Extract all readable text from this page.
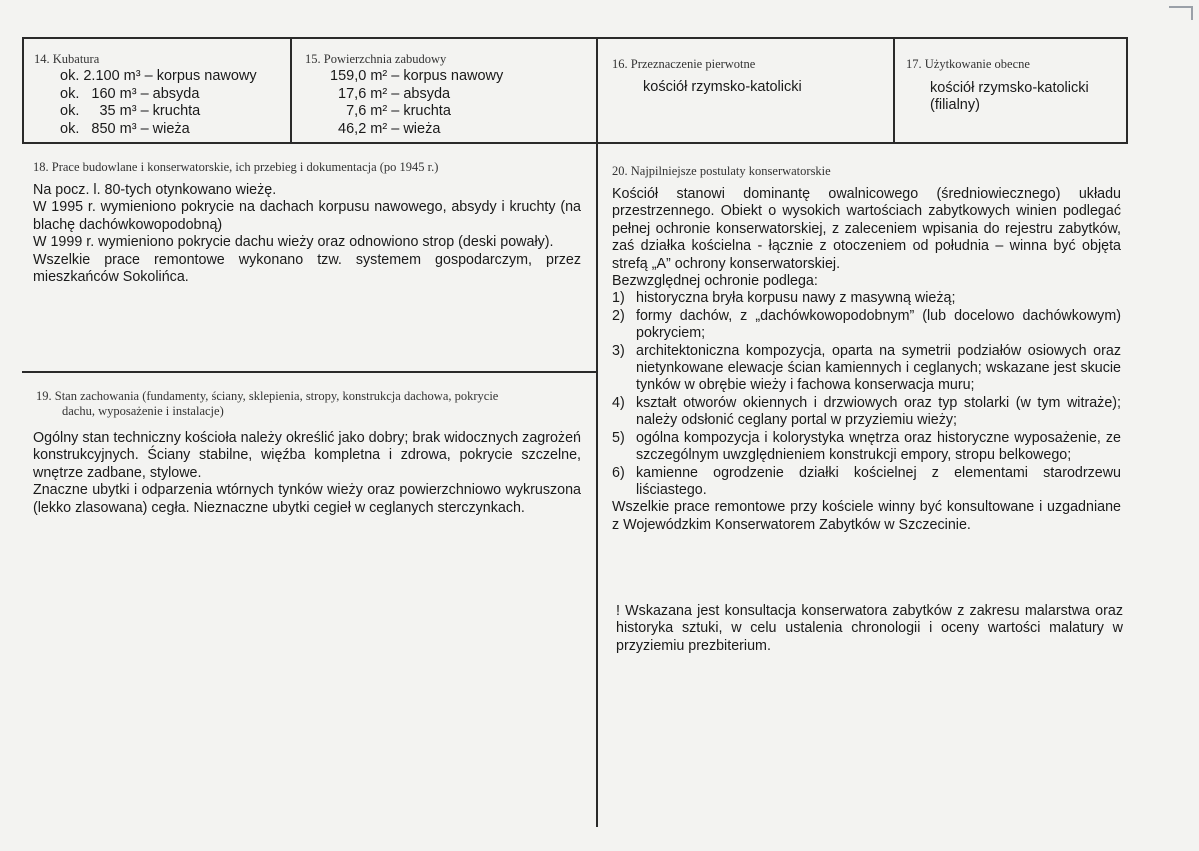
14. Kubatura
ok. 2.100 m³ – korpus nawowy
ok.   160 m³ – absyda
ok.     35 m³ – kruchta
ok.   850 m³ – wieża
15. Powierzchnia zabudowy
159,0 m² – korpus nawowy
17,6 m² – absyda
7,6 m² – kruchta
46,2 m² – wieża
16. Przeznaczenie pierwotne
kościół rzymsko-katolicki
17. Użytkowanie obecne
kościół rzymsko-katolicki
(filialny)
18. Prace budowlane i konserwatorskie, ich przebieg i dokumentacja (po 1945 r.)

Na pocz. l. 80-tych otynkowano wieżę.

W 1995 r. wymieniono pokrycie na dachach korpusu nawowego, absydy i kruchty (na blachę dachówkowopodobną)

W 1999 r. wymieniono pokrycie dachu wieży oraz odnowiono strop (deski powały).

Wszelkie prace remontowe wykonano tzw. systemem gospodarczym, przez mieszkańców Sokolińca.

19. Stan zachowania (fundamenty, ściany, sklepienia, stropy, konstrukcja dachowa, pokrycie
dachu, wyposażenie i instalacje)

Ogólny stan techniczny kościoła należy określić jako dobry; brak widocznych zagrożeń konstrukcyjnych. Ściany stabilne, więźba kompletna i zdrowa, pokrycie szczelne, wnętrze zadbane, stylowe.

Znaczne ubytki i odparzenia wtórnych tynków wieży oraz powierzchniowo wykruszona (lekko zlasowana) cegła. Nieznaczne ubytki cegieł w ceglanych sterczynkach.

20. Najpilniejsze postulaty konserwatorskie

Kościół stanowi dominantę owalnicowego (średniowiecznego) układu przestrzennego. Obiekt o wysokich wartościach zabytkowych winien podlegać pełnej ochronie konserwatorskiej, z zaleceniem wpisania do rejestru zabytków, zaś działka kościelna - łącznie z otoczeniem od południa – winna być objęta strefą „A” ochrony konserwatorskiej.

Bezwzględnej ochronie podlega:

1) historyczna bryła korpusu nawy z masywną wieżą;
2) formy dachów, z „dachówkowopodobnym” (lub docelowo dachówkowym) pokryciem;
3) architektoniczna kompozycja, oparta na symetrii podziałów osiowych oraz nietynkowane elewacje ścian kamiennych i ceglanych; wskazane jest skucie tynków w obrębie wieży i fachowa konserwacja muru;
4) kształt otworów okiennych i drzwiowych oraz typ stolarki (w tym witraże); należy odsłonić ceglany portal w przyziemiu wieży;
5) ogólna kompozycja i kolorystyka wnętrza oraz historyczne wyposażenie, ze szczególnym uwzględnieniem konstrukcji empory, stropu belkowego;
6) kamienne ogrodzenie działki kościelnej z elementami starodrzewu liściastego.

Wszelkie prace remontowe przy kościele winny być konsultowane i uzgadniane z Wojewódzkim Konserwatorem Zabytków w Szczecinie.

! Wskazana jest konsultacja konserwatora zabytków z zakresu malarstwa oraz historyka sztuki, w celu ustalenia chronologii i oceny wartości malatury w przyziemiu prezbiterium.
